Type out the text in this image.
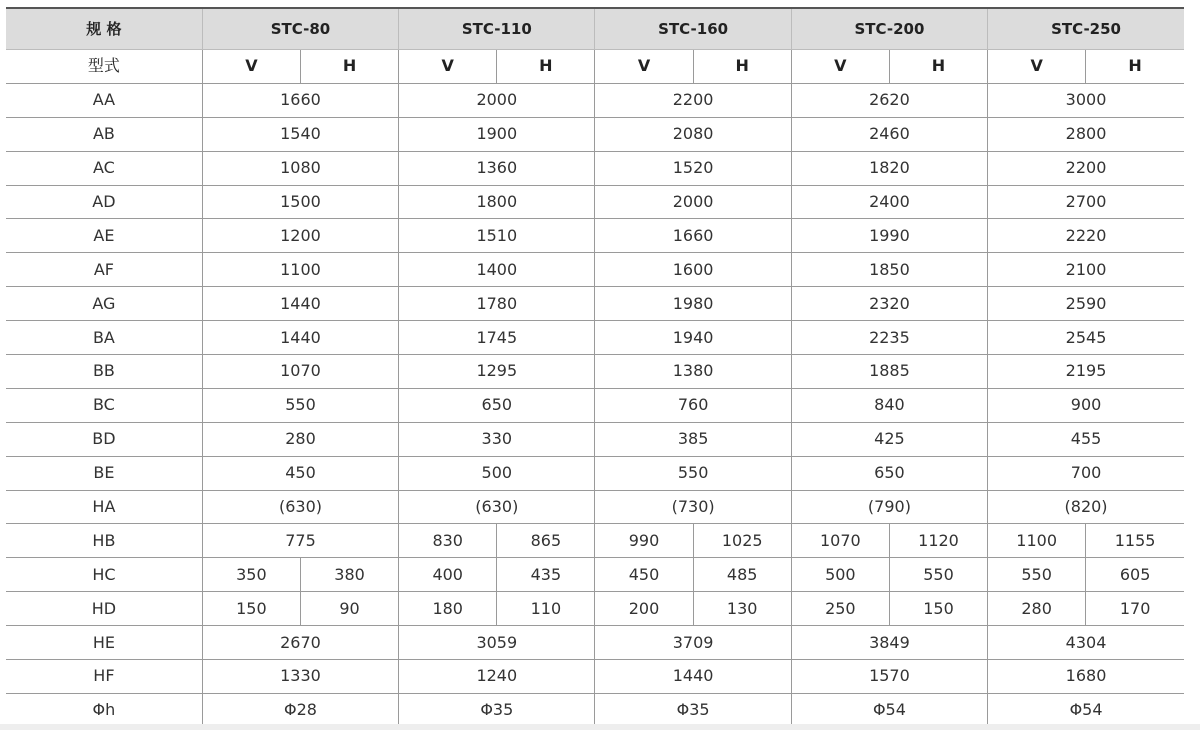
规 格	STC-80		STC-110		STC-160		STC-200		STC-250	
型式	V	H	V	H	V	H	V	H	V	H
AA	1660		2000		2200		2620		3000	
AB	1540		1900		2080		2460		2800	
AC	1080		1360		1520		1820		2200	
AD	1500		1800		2000		2400		2700	
AE	1200		1510		1660		1990		2220	
AF	1100		1400		1600		1850		2100	
AG	1440		1780		1980		2320		2590	
BA	1440		1745		1940		2235		2545	
BB	1070		1295		1380		1885		2195	
BC	550		650		760		840		900	
BD	280		330		385		425		455	
BE	450		500		550		650		700	
HA	(630)		(630)		(730)		(790)		(820)	
HB	775		830	865	990	1025	1070	1120	1100	1155
HC	350	380	400	435	450	485	500	550	550	605
HD	150	90	180	110	200	130	250	150	280	170
HE	2670		3059		3709		3849		4304	
HF	1330		1240		1440		1570		1680	
Φh	Φ28		Φ35		Φ35		Φ54		Φ54	
